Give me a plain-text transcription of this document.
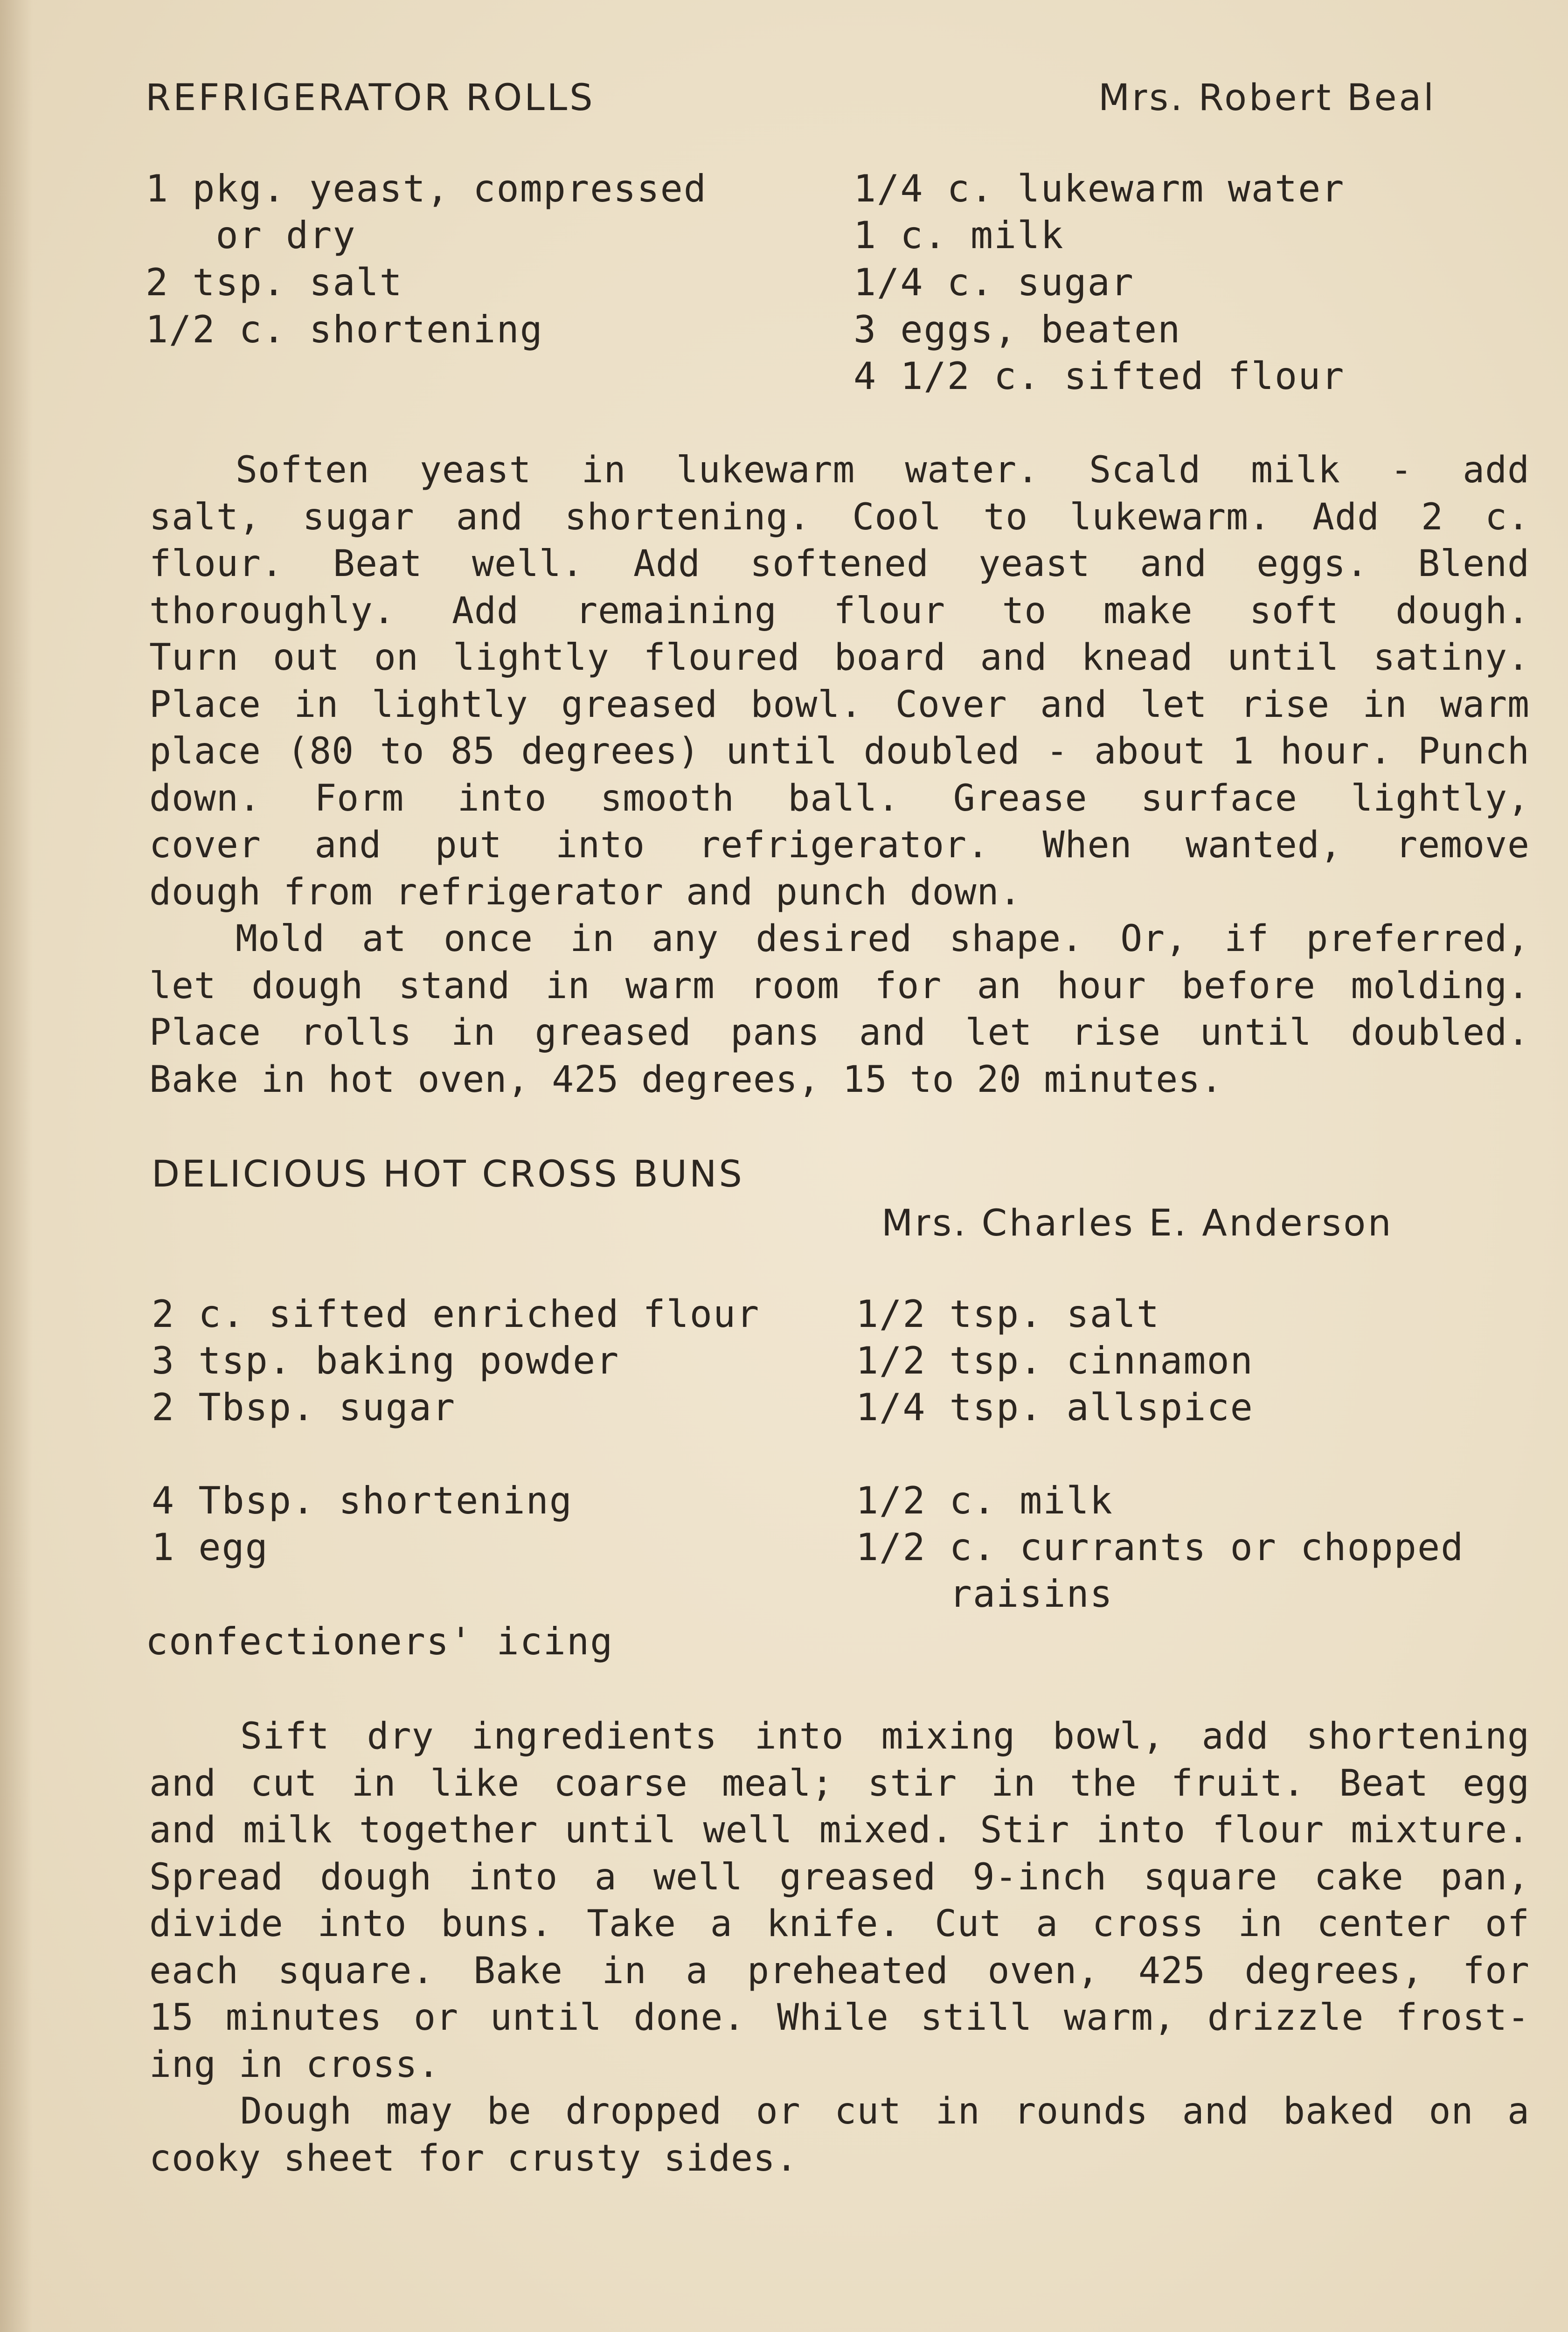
REFRIGERATOR ROLLS	Mrs. Robert Beal
1 pkg. yeast, compressed
or dry
2 tsp. salt
1/2 c. shortening
1/4 c. lukewarm water
1 c. milk
1/4 c. sugar
3 eggs, beaten
4 1/2 c. sifted flour
Soften yeast in lukewarm water. Scald milk - add
salt, sugar and shortening. Cool to lukewarm. Add 2 c.
flour. Beat well. Add softened yeast and eggs. Blend
thoroughly. Add remaining flour to make soft dough.
Turn out on lightly floured board and knead until satiny.
Place in lightly greased bowl. Cover and let rise in warm
place (80 to 85 degrees) until doubled - about 1 hour. Punch
down. Form into smooth ball. Grease surface lightly,
cover and put into refrigerator. When wanted, remove
dough from refrigerator and punch down.
Mold at once in any desired shape. Or, if preferred,
let dough stand in warm room for an hour before molding.
Place rolls in greased pans and let rise until doubled.
Bake in hot oven, 425 degrees, 15 to 20 minutes.
DELICIOUS HOT CROSS BUNS
Mrs. Charles E. Anderson
2 c. sifted enriched flour
3 tsp. baking powder
2 Tbsp. sugar
4 Tbsp. shortening
1 egg
1/2 tsp. salt
1/2 tsp. cinnamon
1/4 tsp. allspice
1/2 c. milk
1/2 c. currants or chopped
raisins
confectioners' icing
Sift dry ingredients into mixing bowl, add shortening
and cut in like coarse meal; stir in the fruit. Beat egg
and milk together until well mixed. Stir into flour mixture.
Spread dough into a well greased 9-inch square cake pan,
divide into buns. Take a knife. Cut a cross in center of
each square. Bake in a preheated oven, 425 degrees, for
15 minutes or until done. While still warm, drizzle frost-
ing in cross.
Dough may be dropped or cut in rounds and baked on a
cooky sheet for crusty sides.
